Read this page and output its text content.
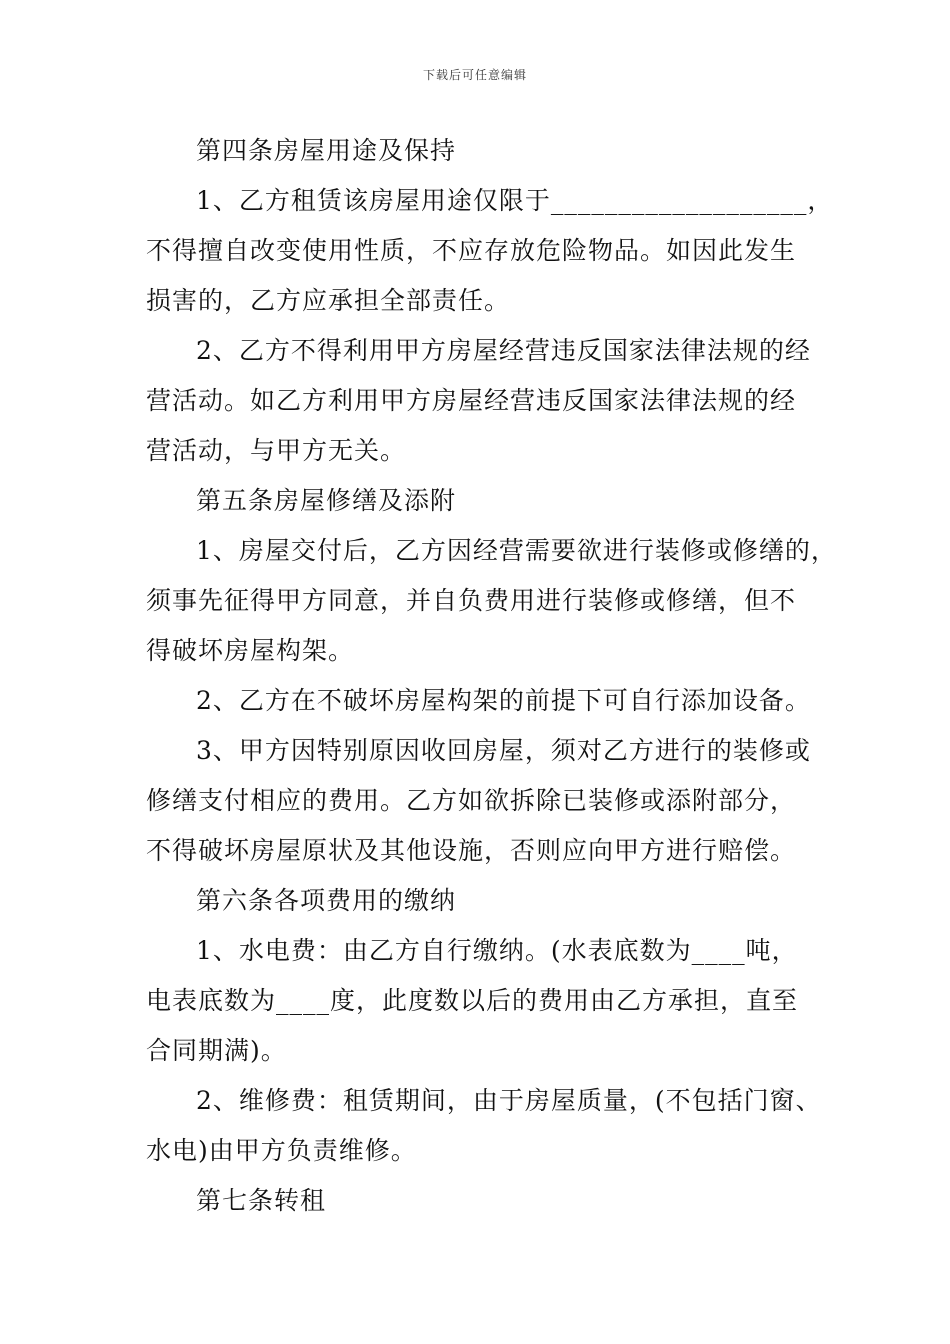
下载后可任意编辑
第四条房屋用途及保持
1、乙方租赁该房屋用途仅限于___________________，
不得擅自改变使用性质，不应存放危险物品。如因此发生
损害的，乙方应承担全部责任。
2、乙方不得利用甲方房屋经营违反国家法律法规的经
营活动。如乙方利用甲方房屋经营违反国家法律法规的经
营活动，与甲方无关。
第五条房屋修缮及添附
1、房屋交付后，乙方因经营需要欲进行装修或修缮的，
须事先征得甲方同意，并自负费用进行装修或修缮，但不
得破坏房屋构架。
2、乙方在不破坏房屋构架的前提下可自行添加设备。
3、甲方因特别原因收回房屋，须对乙方进行的装修或
修缮支付相应的费用。乙方如欲拆除已装修或添附部分，
不得破坏房屋原状及其他设施，否则应向甲方进行赔偿。
第六条各项费用的缴纳
1、水电费：由乙方自行缴纳。(水表底数为____吨，
电表底数为____度，此度数以后的费用由乙方承担，直至
合同期满)。
2、维修费：租赁期间，由于房屋质量，(不包括门窗、
水电)由甲方负责维修。
第七条转租
